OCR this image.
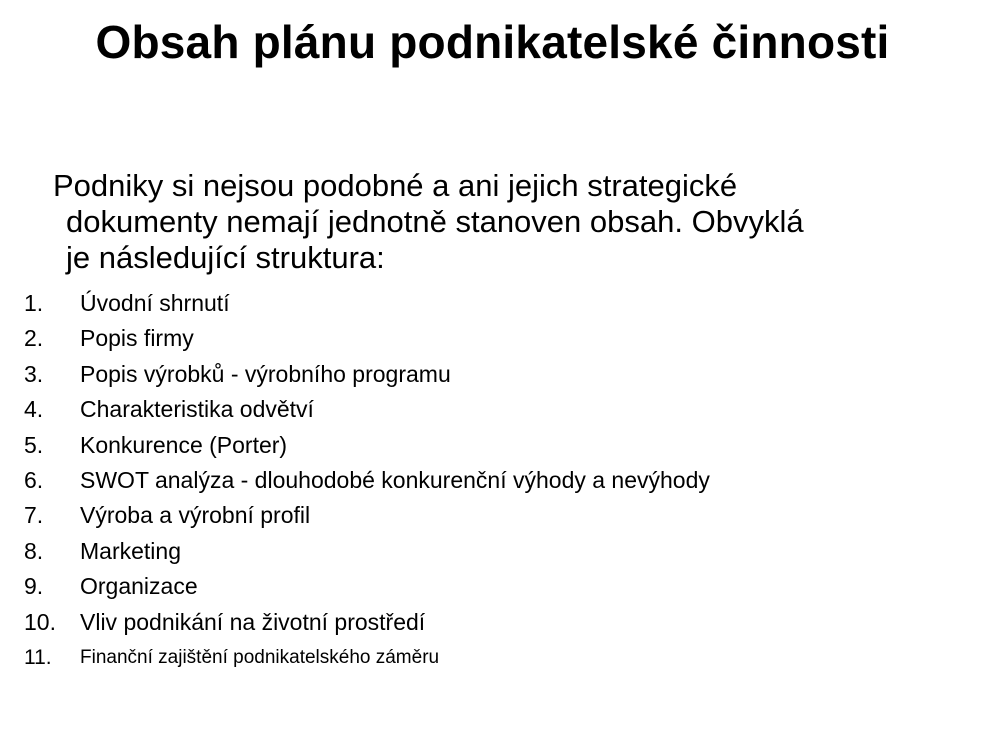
Obsah plánu podnikatelské činnosti
Podniky si nejsou podobné a ani jejich strategické
dokumenty nemají jednotně stanoven obsah. Obvyklá
je následující struktura:
1. Úvodní shrnutí
2. Popis firmy
3. Popis výrobků - výrobního programu
4. Charakteristika odvětví
5. Konkurence (Porter)
6. SWOT analýza - dlouhodobé konkurenční výhody a nevýhody
7. Výroba a výrobní profil
8. Marketing
9. Organizace
10. Vliv podnikání na životní prostředí
11. Finanční zajištění podnikatelského záměru
